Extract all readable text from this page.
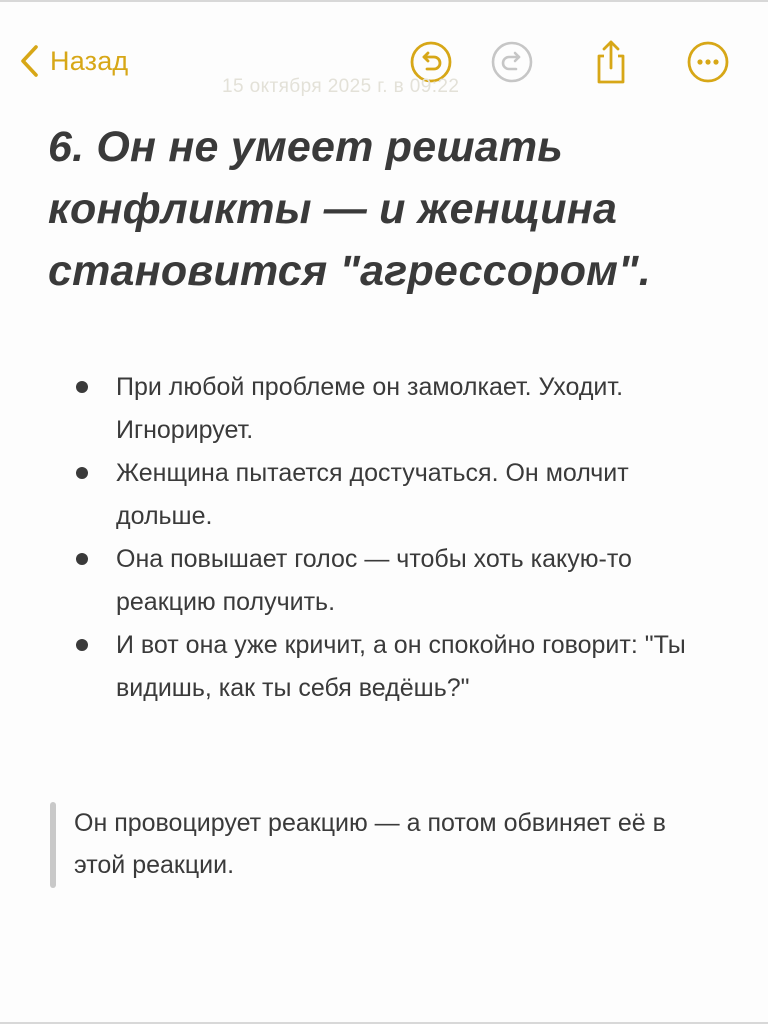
Назад
15 октября 2025 г. в 09:22
6. Он не умеет решать конфликты — и женщина становится "агрессором".
При любой проблеме он замолкает. Уходит. Игнорирует.
Женщина пытается достучаться. Он молчит дольше.
Она повышает голос — чтобы хоть какую-то реакцию получить.
И вот она уже кричит, а он спокойно говорит: "Ты видишь, как ты себя ведёшь?"
Он провоцирует реакцию — а потом обвиняет её в этой реакции.
